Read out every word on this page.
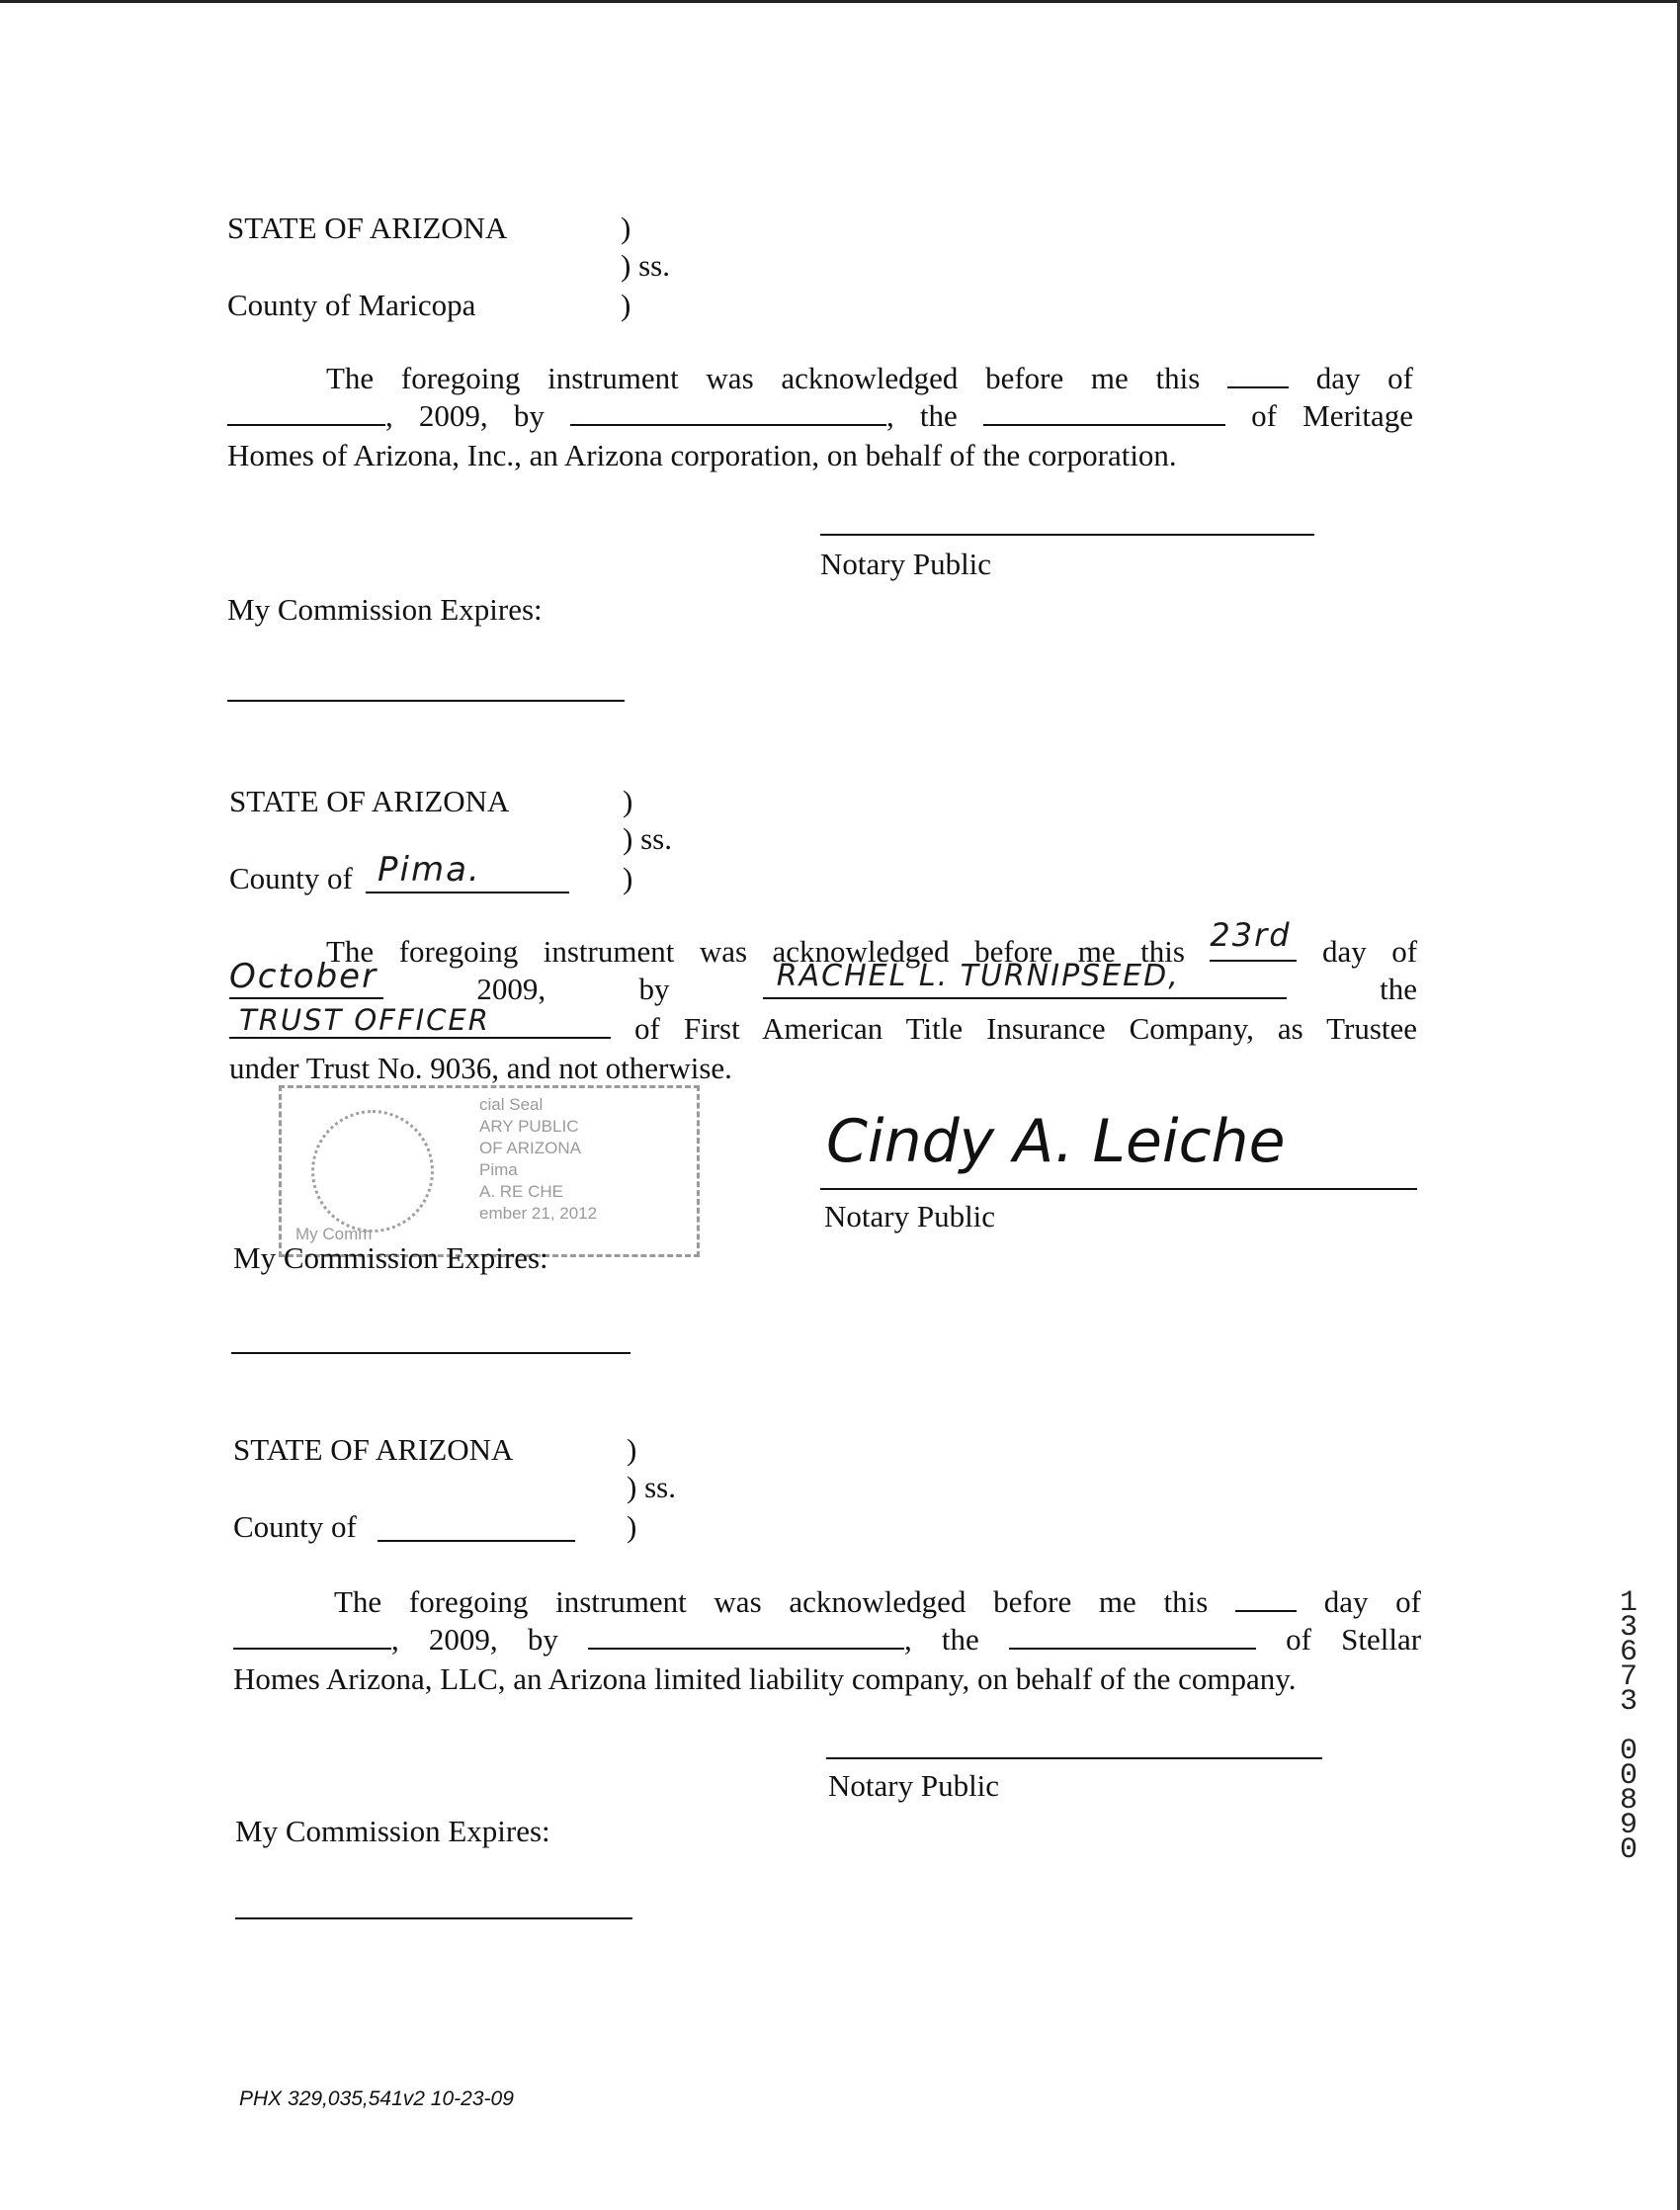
STATE OF ARIZONA	)
) ss.
County of Maricopa	)
The foregoing instrument was acknowledged before me this	day of
, 2009, by	, the	of Meritage
Homes of Arizona, Inc., an Arizona corporation, on behalf of the corporation.
Notary Public
My Commission Expires:
STATE OF ARIZONA	)
) ss.
County of Pima.	)
The foregoing instrument was acknowledged before me this 23rd day of
October	2009,	by	RACHEL L. TURNIPSEED,	the
TRUST OFFICER	of First American Title Insurance Company, as Trustee
under Trust No. 9036, and not otherwise.
cial Seal
ARY PUBLIC
OF ARIZONA
Pima
A. RE CHE
ember 21, 2012
My Comm
Cindy A. Leiche
Notary Public
My Commission Expires:
STATE OF ARIZONA	)
) ss.
County of	)
The foregoing instrument was acknowledged before me this	day of
, 2009, by	, the	of Stellar
Homes Arizona, LLC, an Arizona limited liability company, on behalf of the company.
Notary Public
My Commission Expires:
1
3
6
7
3

0
0
8
9
0
PHX 329,035,541v2 10-23-09
